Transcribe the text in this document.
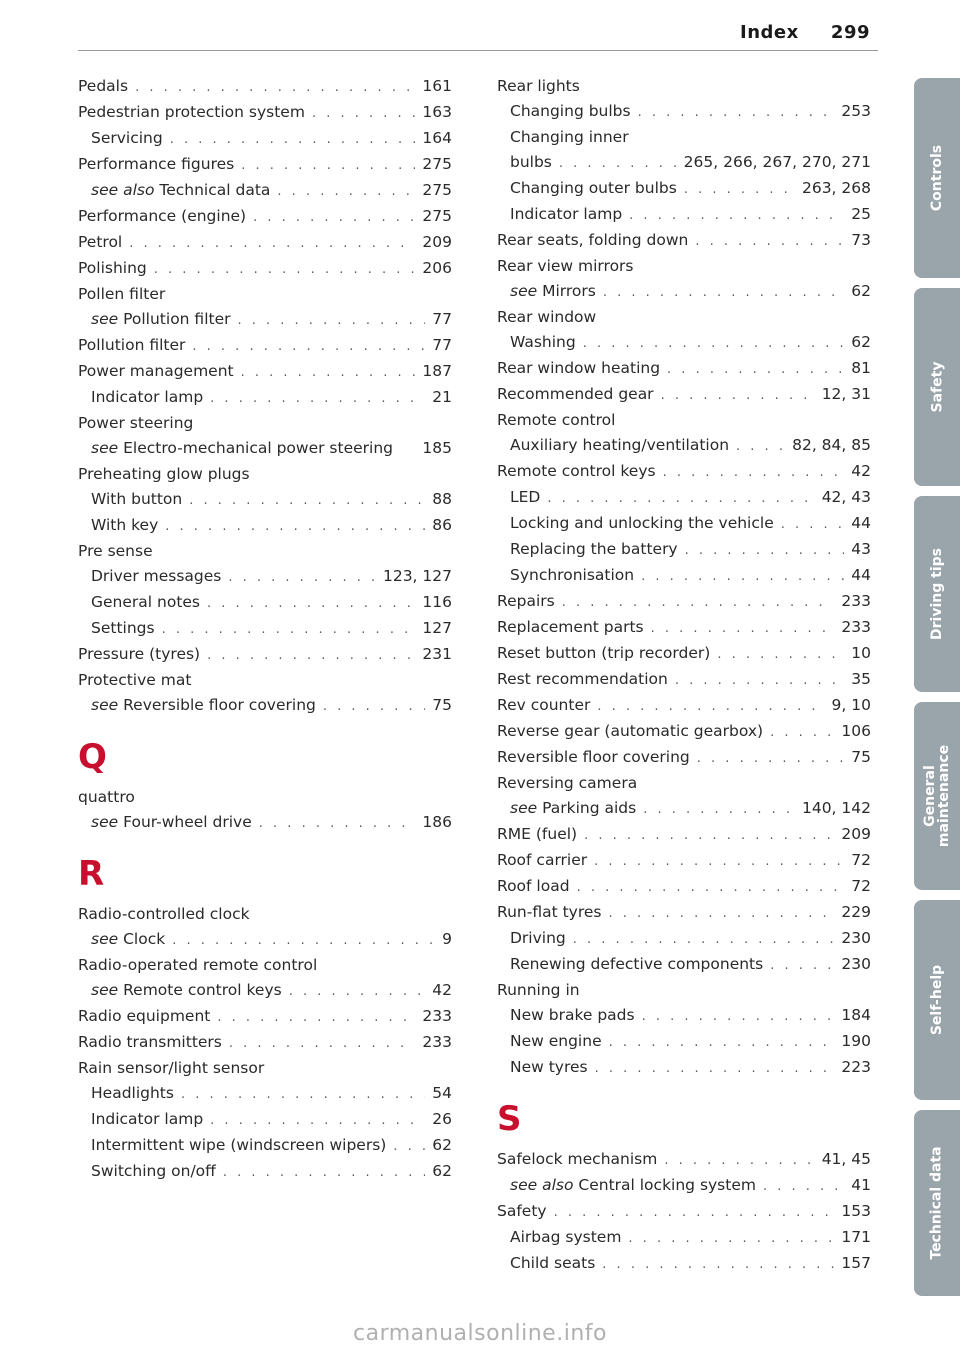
Index 299
Pedals . . .	161
Pedestrian protection system . . .	163
Servicing . . .	164
Performance figures . . .	275
see also Technical data . . .	275
Performance (engine) . . .	275
Petrol . . .	209
Polishing . . .	206
Pollen filter
see Pollution filter . . .	77
Pollution filter . . .	77
Power management . . .	187
Indicator lamp . . .	21
Power steering
see Electro-mechanical power steering 185
Preheating glow plugs
With button . . .	88
With key . . .	86
Pre sense
Driver messages . . .	123, 127
General notes . . .	116
Settings . . .	127
Pressure (tyres) . . .	231
Protective mat
see Reversible floor covering . . .	75
Q
quattro
see Four-wheel drive . . .	186
R
Radio-controlled clock
see Clock . . .	9
Radio-operated remote control
see Remote control keys . . .	42
Radio equipment . . .	233
Radio transmitters . . .	233
Rain sensor/light sensor
Headlights . . .	54
Indicator lamp . . .	26
Intermittent wipe (windscreen wipers) . . .	62
Switching on/off . . .	62
Rear lights
Changing bulbs . . .	253
Changing inner
bulbs . . .	265, 266, 267, 270, 271
Changing outer bulbs . . .	263, 268
Indicator lamp . . .	25
Rear seats, folding down . . .	73
Rear view mirrors
see Mirrors . . .	62
Rear window
Washing . . .	62
Rear window heating . . .	81
Recommended gear . . .	12, 31
Remote control
Auxiliary heating/ventilation . . .	82, 84, 85
Remote control keys . . .	42
LED . . .	42, 43
Locking and unlocking the vehicle . . .	44
Replacing the battery . . .	43
Synchronisation . . .	44
Repairs . . .	233
Replacement parts . . .	233
Reset button (trip recorder) . . .	10
Rest recommendation . . .	35
Rev counter . . .	9, 10
Reverse gear (automatic gearbox) . . .	106
Reversible floor covering . . .	75
Reversing camera
see Parking aids . . .	140, 142
RME (fuel) . . .	209
Roof carrier . . .	72
Roof load . . .	72
Run-flat tyres . . .	229
Driving . . .	230
Renewing defective components . . .	230
Running in
New brake pads . . .	184
New engine . . .	190
New tyres . . .	223
S
Safelock mechanism . . .	41, 45
see also Central locking system . . .	41
Safety . . .	153
Airbag system . . .	171
Child seats . . .	157
Controls
Safety
Driving tips
General maintenance
Self-help
Technical data
carmanualsonline.info
